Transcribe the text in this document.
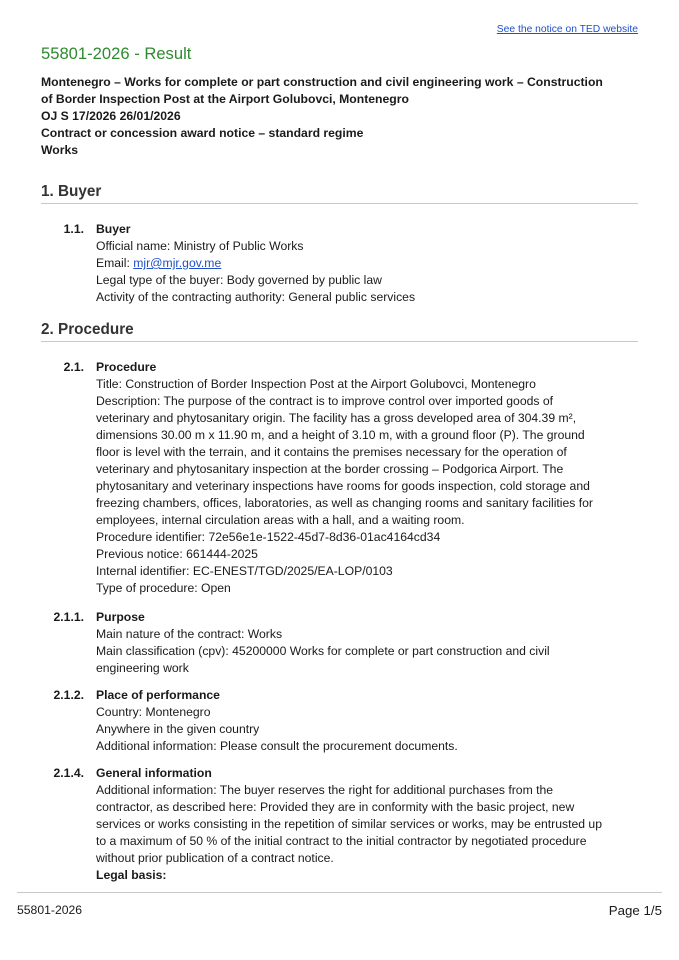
See the notice on TED website
55801-2026 - Result
Montenegro – Works for complete or part construction and civil engineering work – Construction
of Border Inspection Post at the Airport Golubovci, Montenegro
OJ S 17/2026 26/01/2026
Contract or concession award notice – standard regime
Works
1. Buyer
1.1. Buyer
Official name: Ministry of Public Works
Email: mjr@mjr.gov.me
Legal type of the buyer: Body governed by public law
Activity of the contracting authority: General public services
2. Procedure
2.1. Procedure
Title: Construction of Border Inspection Post at the Airport Golubovci, Montenegro
Description: The purpose of the contract is to improve control over imported goods of
veterinary and phytosanitary origin. The facility has a gross developed area of 304.39 m²,
dimensions 30.00 m x 11.90 m, and a height of 3.10 m, with a ground floor (P). The ground
floor is level with the terrain, and it contains the premises necessary for the operation of
veterinary and phytosanitary inspection at the border crossing – Podgorica Airport. The
phytosanitary and veterinary inspections have rooms for goods inspection, cold storage and
freezing chambers, offices, laboratories, as well as changing rooms and sanitary facilities for
employees, internal circulation areas with a hall, and a waiting room.
Procedure identifier: 72e56e1e-1522-45d7-8d36-01ac4164cd34
Previous notice: 661444-2025
Internal identifier: EC-ENEST/TGD/2025/EA-LOP/0103
Type of procedure: Open
2.1.1. Purpose
Main nature of the contract: Works
Main classification (cpv): 45200000 Works for complete or part construction and civil
engineering work
2.1.2. Place of performance
Country: Montenegro
Anywhere in the given country
Additional information: Please consult the procurement documents.
2.1.4. General information
Additional information: The buyer reserves the right for additional purchases from the
contractor, as described here: Provided they are in conformity with the basic project, new
services or works consisting in the repetition of similar services or works, may be entrusted up
to a maximum of 50 % of the initial contract to the initial contractor by negotiated procedure
without prior publication of a contract notice.
Legal basis:
55801-2026	Page 1/5
